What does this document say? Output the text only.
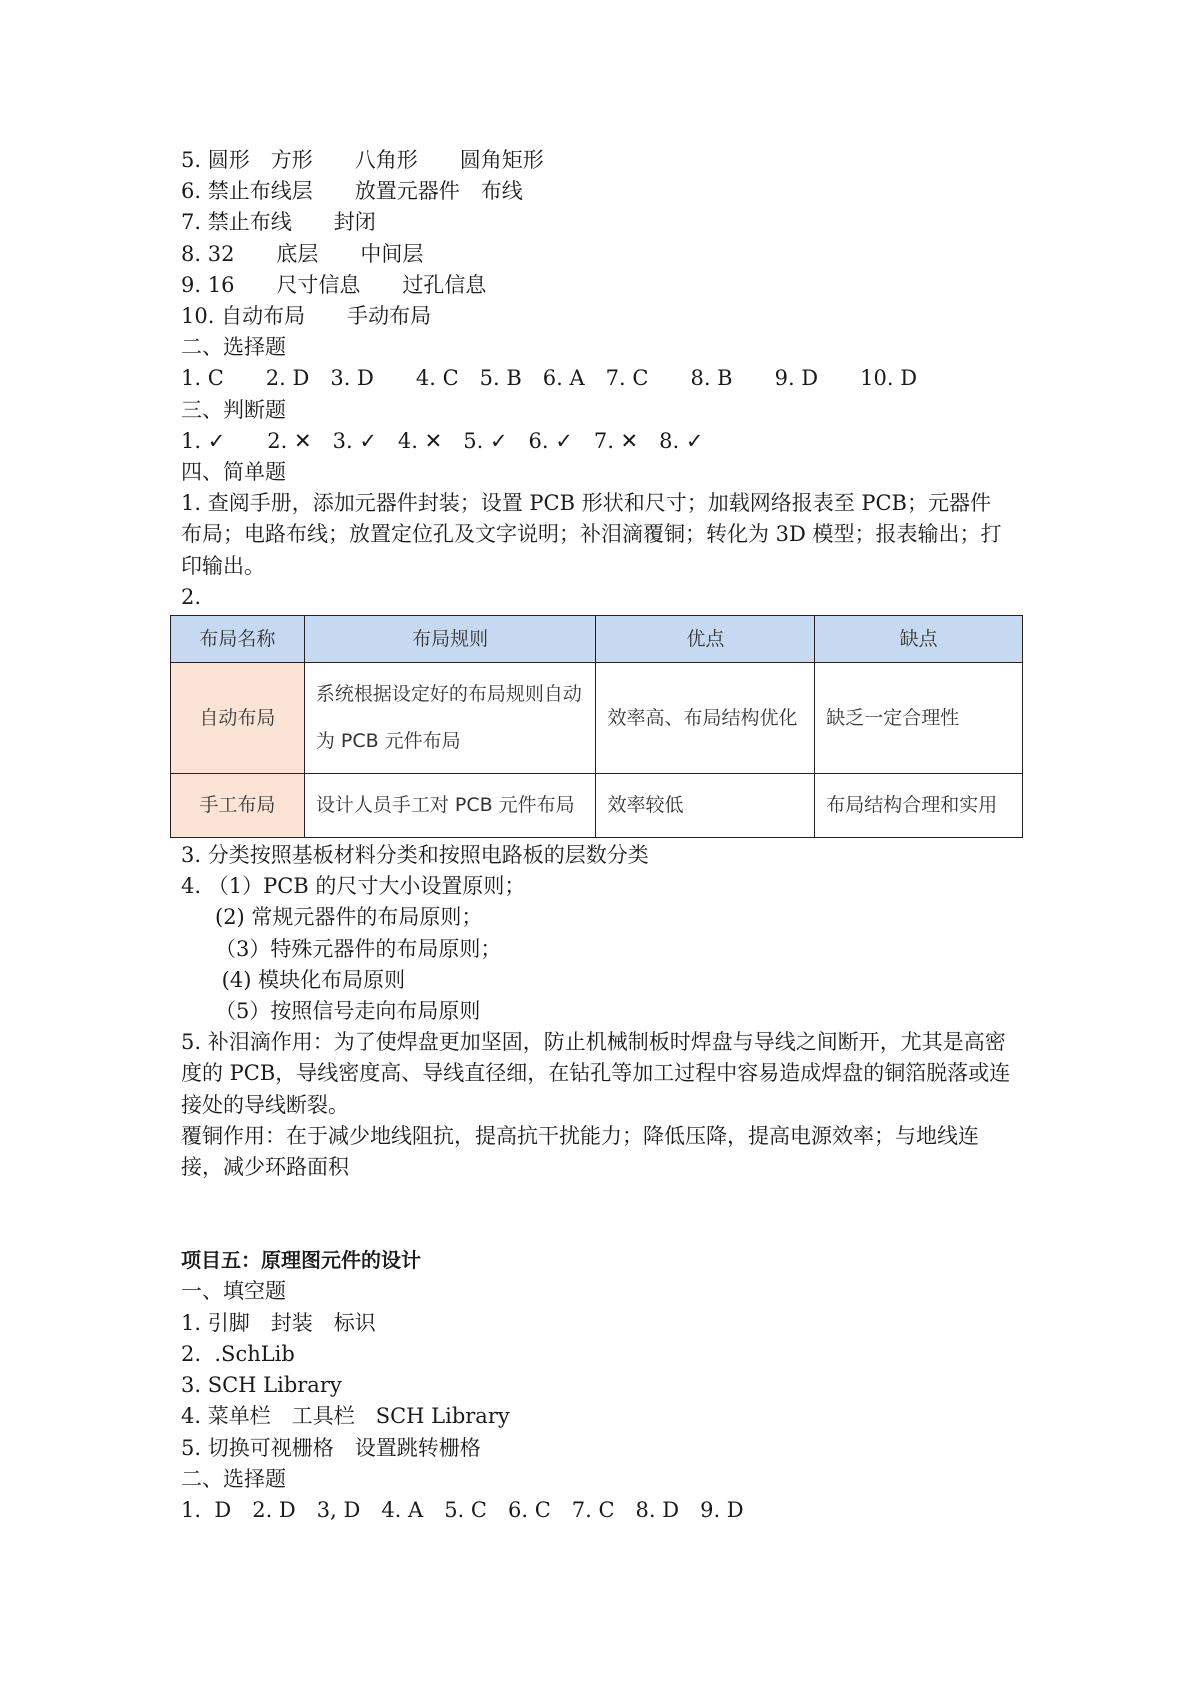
5. 圆形　方形　　八角形　　圆角矩形
6. 禁止布线层　　放置元器件　布线
7. 禁止布线　　封闭
8. 32　　底层　　中间层
9. 16　　尺寸信息　　过孔信息
10. 自动布局　　手动布局
二、选择题
1. C　　2. D　3. D　　4. C　5. B　6. A　7. C　　8. B　　9. D　　10. D
三、判断题
1. ✓　　2. ✕　3. ✓　4. ✕　5. ✓　6. ✓　7. ✕　8. ✓
四、简单题
1. 查阅手册，添加元器件封装；设置 PCB 形状和尺寸；加载网络报表至 PCB；元器件布局；电路布线；放置定位孔及文字说明；补泪滴覆铜；转化为 3D 模型；报表输出；打印输出。
2.
布局名称	布局规则	优点	缺点
自动布局	系统根据设定好的布局规则自动为 PCB 元件布局	效率高、布局结构优化	缺乏一定合理性
手工布局	设计人员手工对 PCB 元件布局	效率较低	布局结构合理和实用
3. 分类按照基板材料分类和按照电路板的层数分类
4. （1）PCB 的尺寸大小设置原则；
(2) 常规元器件的布局原则；
（3）特殊元器件的布局原则；
(4) 模块化布局原则
（5）按照信号走向布局原则
5. 补泪滴作用：为了使焊盘更加坚固，防止机械制板时焊盘与导线之间断开，尤其是高密度的 PCB，导线密度高、导线直径细，在钻孔等加工过程中容易造成焊盘的铜箔脱落或连接处的导线断裂。
覆铜作用：在于减少地线阻抗，提高抗干扰能力；降低压降，提高电源效率；与地线连接，减少环路面积
项目五：原理图元件的设计
一、填空题
1. 引脚　封装　标识
2.  .SchLib
3. SCH Library
4. 菜单栏　工具栏　SCH Library
5. 切换可视栅格　设置跳转栅格
二、选择题
1.  D　2. D　3, D　4. A　5. C　6. C　7. C　8. D　9. D
